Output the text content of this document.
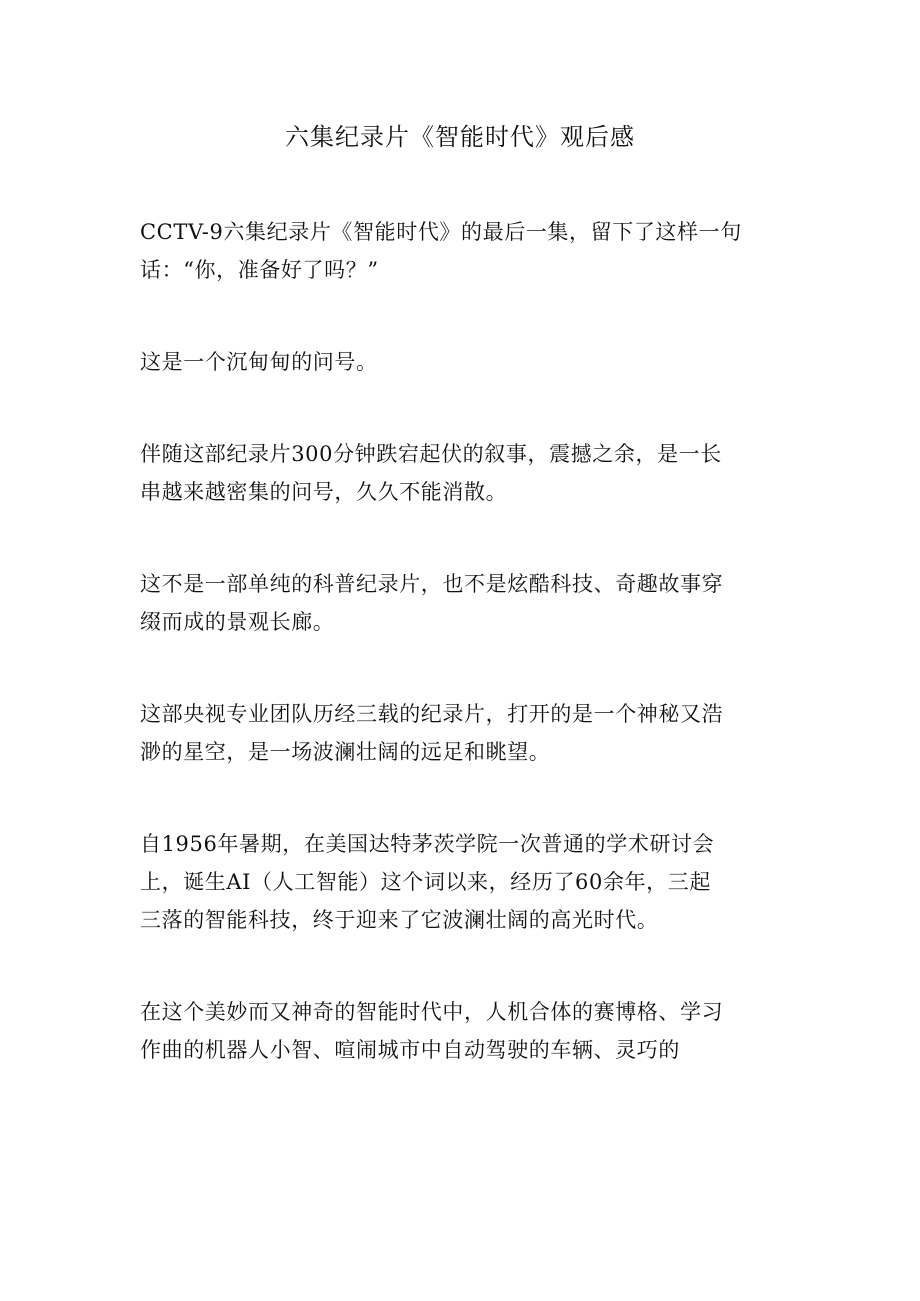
六集纪录片《智能时代》观后感

CCTV-9六集纪录片《智能时代》的最后一集，留下了这样一句
话：“你，准备好了吗？”

这是一个沉甸甸的问号。

伴随这部纪录片300分钟跌宕起伏的叙事，震撼之余，是一长
串越来越密集的问号，久久不能消散。

这不是一部单纯的科普纪录片，也不是炫酷科技、奇趣故事穿
缀而成的景观长廊。

这部央视专业团队历经三载的纪录片，打开的是一个神秘又浩
渺的星空，是一场波澜壮阔的远足和眺望。

自1956年暑期，在美国达特茅茨学院一次普通的学术研讨会
上，诞生AI（人工智能）这个词以来，经历了60余年，三起
三落的智能科技，终于迎来了它波澜壮阔的高光时代。

在这个美妙而又神奇的智能时代中，人机合体的赛博格、学习
作曲的机器人小智、喧闹城市中自动驾驶的车辆、灵巧的
